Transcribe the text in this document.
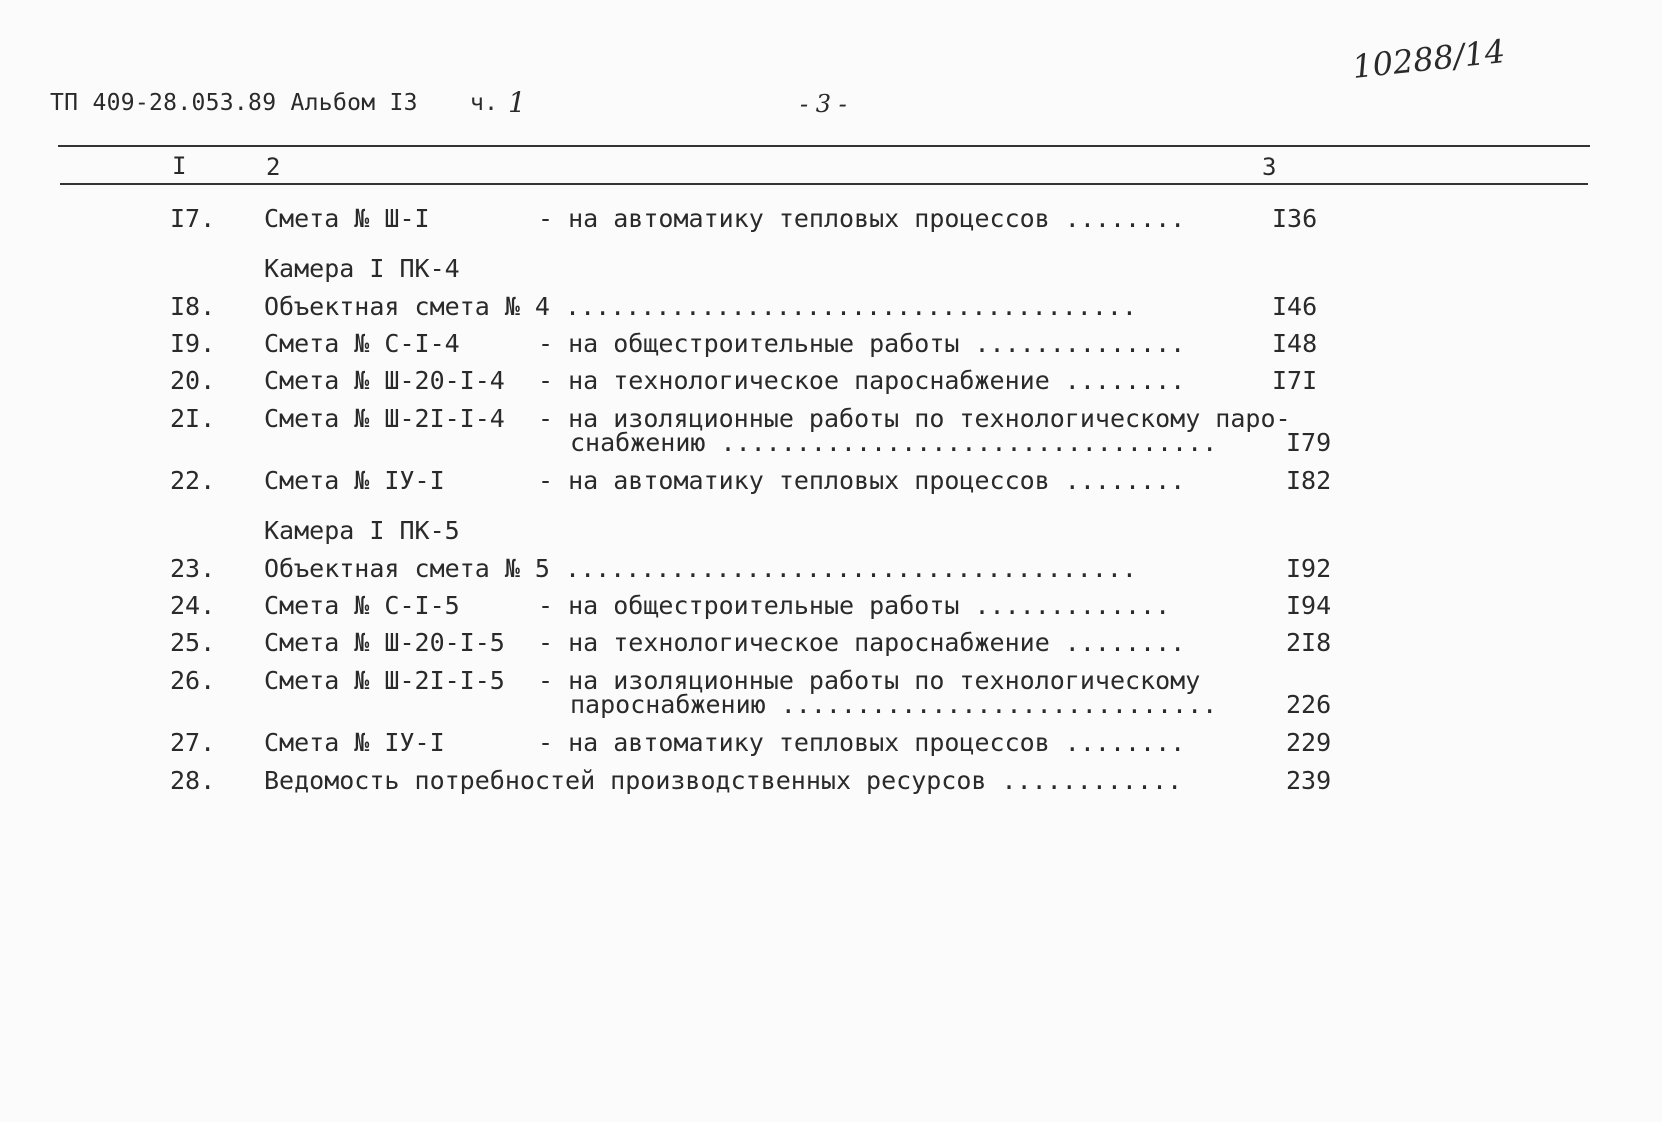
ТП 409-28.053.89 Альбом I3 ч. 1	- 3 -
10288/14
I	2	3
I7. Смета № Ш-I	- на автоматику тепловых процессов ........	I36
Камера I ПК-4
I8. Объектная смета № 4 ......................................	I46
I9. Смета № С-I-4	- на общестроительные работы ..............	I48
20. Смета № Ш-20-I-4 - на технологическое пароснабжение ........	I7I
2I. Смета № Ш-2I-I-4 - на изоляционные работы по технологическому паро-
снабжению .................................	I79
22. Смета № IУ-I	- на автоматику тепловых процессов ........	I82
Камера I ПК-5
23. Объектная смета № 5 ......................................	I92
24. Смета № С-I-5	- на общестроительные работы .............	I94
25. Смета № Ш-20-I-5 - на технологическое пароснабжение ........	2I8
26. Смета № Ш-2I-I-5 - на изоляционные работы по технологическому
пароснабжению .............................	226
27. Смета № IУ-I	- на автоматику тепловых процессов ........	229
28. Ведомость потребностей производственных ресурсов ............	239
